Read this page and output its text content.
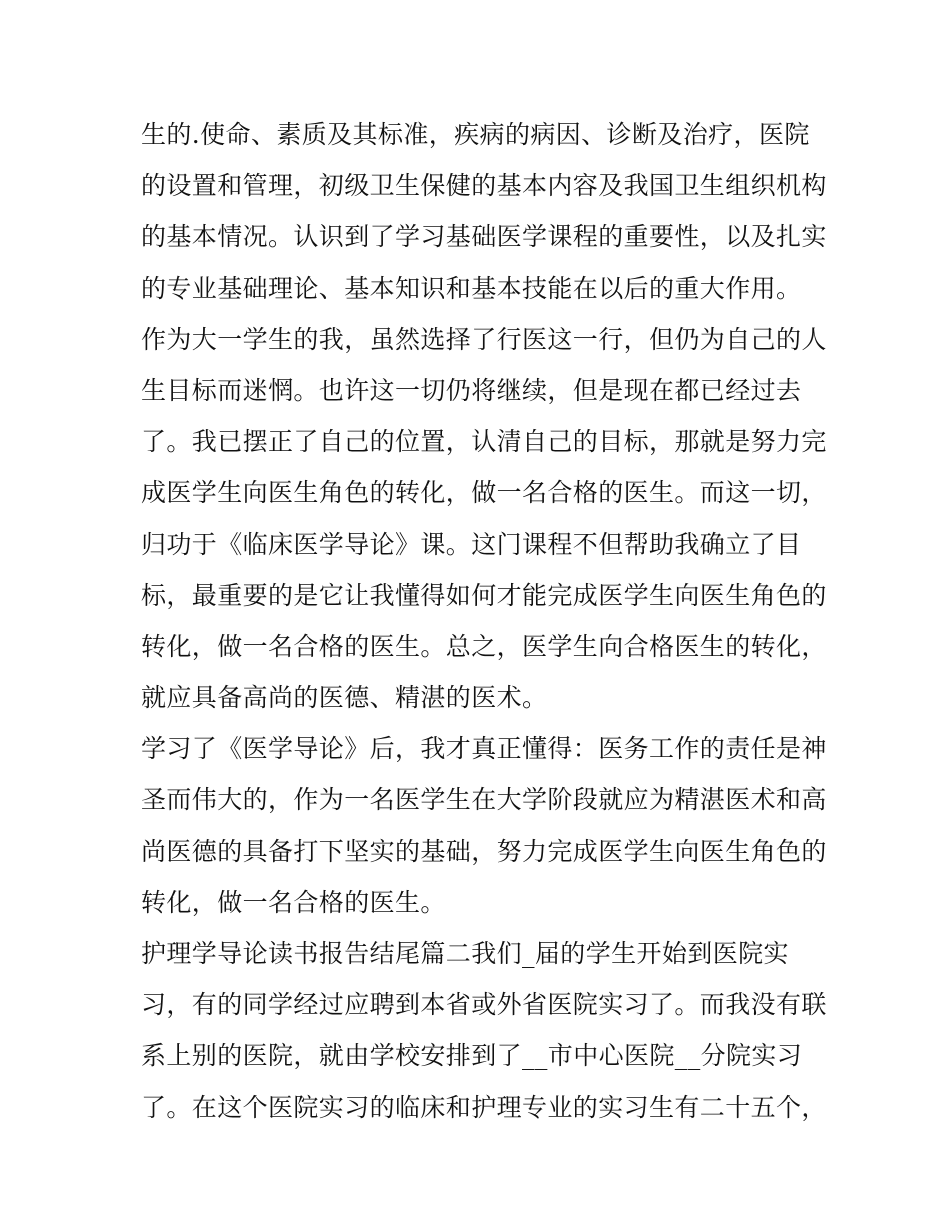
生的.使命、素质及其标准，疾病的病因、诊断及治疗，医院
的设置和管理，初级卫生保健的基本内容及我国卫生组织机构
的基本情况。认识到了学习基础医学课程的重要性，以及扎实
的专业基础理论、基本知识和基本技能在以后的重大作用。
作为大一学生的我，虽然选择了行医这一行，但仍为自己的人
生目标而迷惘。也许这一切仍将继续，但是现在都已经过去
了。我已摆正了自己的位置，认清自己的目标，那就是努力完
成医学生向医生角色的转化，做一名合格的医生。而这一切，
归功于《临床医学导论》课。这门课程不但帮助我确立了目
标，最重要的是它让我懂得如何才能完成医学生向医生角色的
转化，做一名合格的医生。总之，医学生向合格医生的转化，
就应具备高尚的医德、精湛的医术。
学习了《医学导论》后，我才真正懂得：医务工作的责任是神
圣而伟大的，作为一名医学生在大学阶段就应为精湛医术和高
尚医德的具备打下坚实的基础，努力完成医学生向医生角色的
转化，做一名合格的医生。
护理学导论读书报告结尾篇二我们_届的学生开始到医院实
习，有的同学经过应聘到本省或外省医院实习了。而我没有联
系上别的医院，就由学校安排到了__市中心医院__分院实习
了。在这个医院实习的临床和护理专业的实习生有二十五个，
